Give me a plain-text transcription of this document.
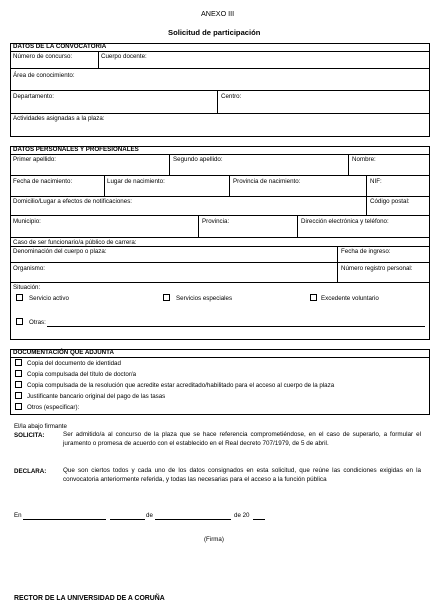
ANEXO III
Solicitud de participación
DATOS DE LA CONVOCATORIA
Número de concurso:	Cuerpo docente:
Área de conocimiento:
Departamento:	Centro:
Actividades asignadas a la plaza:
DATOS PERSONALES Y PROFESIONALES
Primer apellido:	Segundo apellido:	Nombre:
Fecha de nacimiento:	Lugar de nacimiento:	Provincia de nacimiento:	NIF:
Domicilio/Lugar a efectos de notificaciones:	Código postal:
Municipio:	Provincia:	Dirección electrónica y teléfono:
Caso de ser funcionario/a público de carrera:
Denominación del cuerpo o plaza:	Fecha de ingreso:
Organismo:	Número registro personal:
Situación:
Servicio activo	Servicios especiales	Excedente voluntario
Otras:
DOCUMENTACIÓN QUE ADJUNTA
Copia del documento de identidad
Copia compulsada del título de doctor/a
Copia compulsada de la resolución que acredite estar acreditado/habilitado para el acceso al cuerpo de la plaza
Justificante bancario original del pago de las tasas
Otros (especificar):
El/la abajo firmante
SOLICITA:	Ser admitido/a al concurso de la plaza que se hace referencia comprometiéndose, en el caso de superarlo, a formular el juramento o promesa de acuerdo con el establecido en el Real decreto 707/1979, de 5 de abril.
DECLARA:	Que son ciertos todos y cada uno de los datos consignados en esta solicitud, que reúne las condiciones exigidas en la convocatoria anteriormente referida, y todas las necesarias para el acceso a la función pública
En	de	de 20
(Firma)
RECTOR DE LA UNIVERSIDAD DE A CORUÑA
